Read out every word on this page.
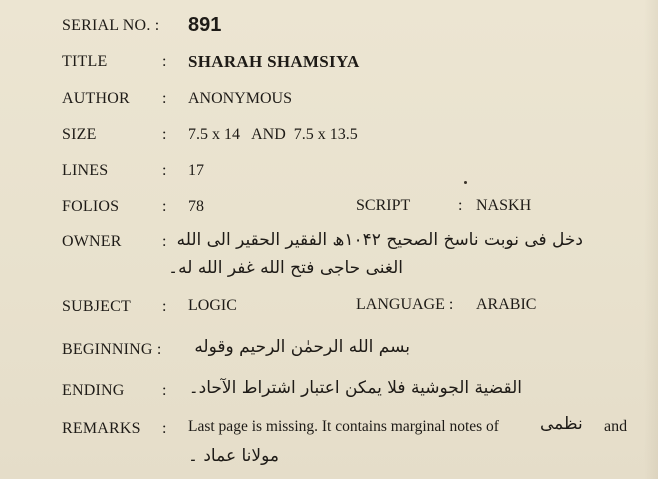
SERIAL NO. : 891
TITLE	: SHARAH SHAMSIYA
AUTHOR : ANONYMOUS
SIZE	: 7.5 x 14   AND  7.5 x 13.5
LINES	: 17
FOLIOS	: 78	SCRIPT	: NASKH
OWNER	: دخل فی نوبت ناسخ الصحیح ۱۰۴۲ھ الفقیر الحقیر الی الله
الغنی حاجی فتح الله غفر الله له۔
SUBJECT : LOGIC	LANGUAGE : ARABIC
BEGINNING : بسم الله الرحمٰن الرحیم وقوله
ENDING : القضية الجوشية فلا يمكن اعتبار اشتراط الآحاد۔
REMARKS : Last page is missing. It contains marginal notes of نظمی and
مولانا عماد ۔
